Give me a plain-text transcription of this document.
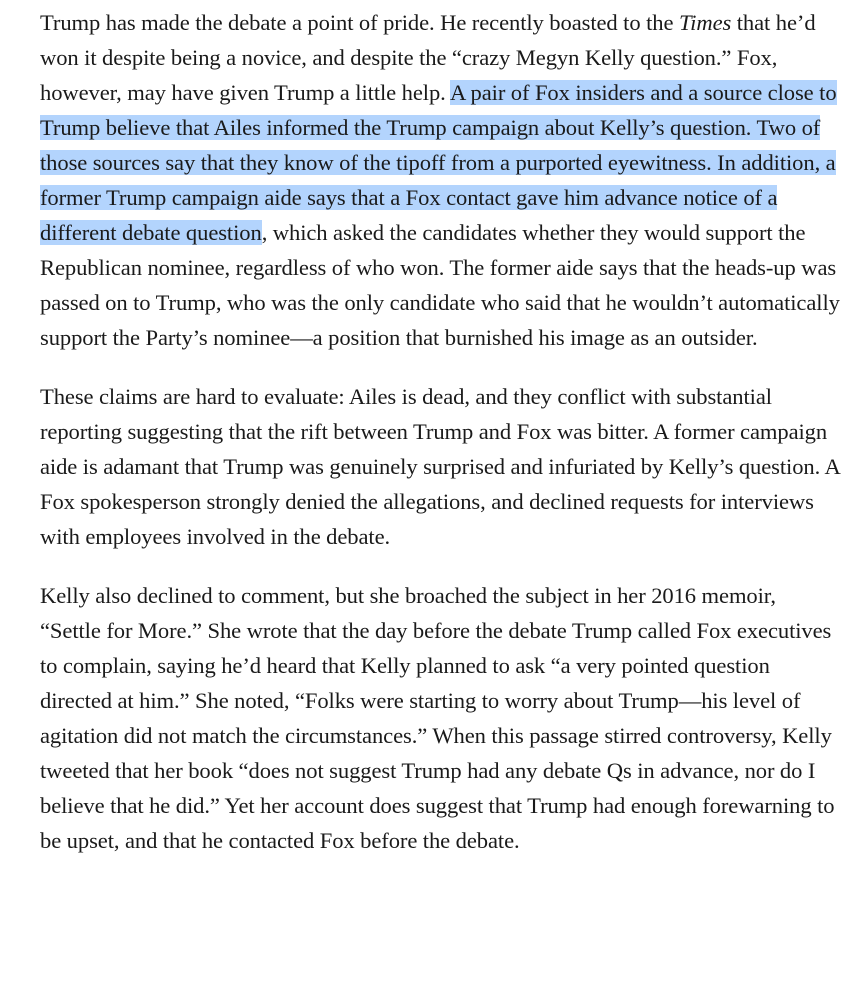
Trump has made the debate a point of pride. He recently boasted to the Times that he’d won it despite being a novice, and despite the “crazy Megyn Kelly question.” Fox, however, may have given Trump a little help. A pair of Fox insiders and a source close to Trump believe that Ailes informed the Trump campaign about Kelly’s question. Two of those sources say that they know of the tipoff from a purported eyewitness. In addition, a former Trump campaign aide says that a Fox contact gave him advance notice of a different debate question, which asked the candidates whether they would support the Republican nominee, regardless of who won. The former aide says that the heads-up was passed on to Trump, who was the only candidate who said that he wouldn’t automatically support the Party’s nominee—a position that burnished his image as an outsider.

These claims are hard to evaluate: Ailes is dead, and they conflict with substantial reporting suggesting that the rift between Trump and Fox was bitter. A former campaign aide is adamant that Trump was genuinely surprised and infuriated by Kelly’s question. A Fox spokesperson strongly denied the allegations, and declined requests for interviews with employees involved in the debate.

Kelly also declined to comment, but she broached the subject in her 2016 memoir, “Settle for More.” She wrote that the day before the debate Trump called Fox executives to complain, saying he’d heard that Kelly planned to ask “a very pointed question directed at him.” She noted, “Folks were starting to worry about Trump—his level of agitation did not match the circumstances.” When this passage stirred controversy, Kelly tweeted that her book “does not suggest Trump had any debate Qs in advance, nor do I believe that he did.” Yet her account does suggest that Trump had enough forewarning to be upset, and that he contacted Fox before the debate.
